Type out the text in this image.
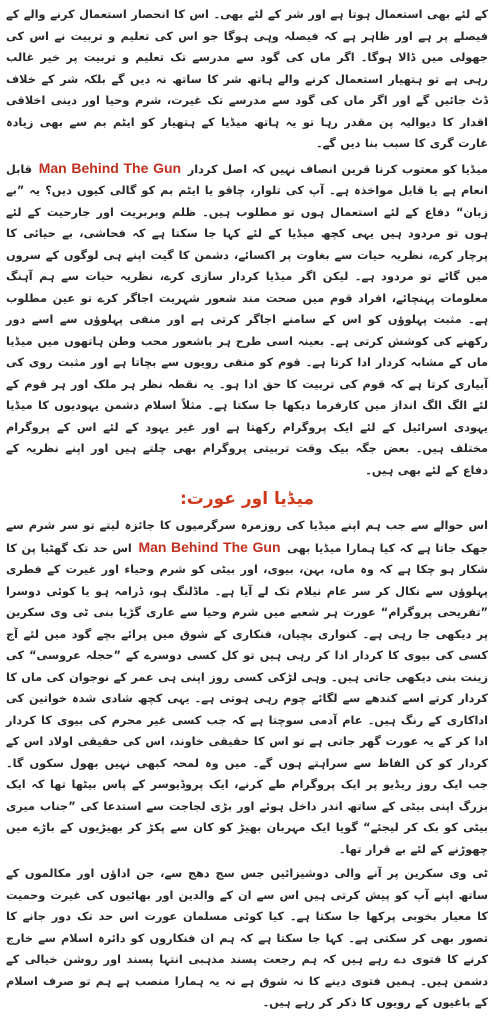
کے لئے بھی استعمال ہوتا ہے اور شر کے لئے بھی۔ اس کا انحصار استعمال کرنے والے کے فیصلے پر ہے اور ظاہر ہے کہ فیصلہ وہی ہوگا جو اس کی تعلیم و تربیت نے اس کی جھولی میں ڈالا ہوگا۔ اگر ماں کی گود سے مدرسے تک تعلیم و تربیت پر خیر غالب رہی ہے تو ہتھیار استعمال کرنے والے ہاتھ شر کا ساتھ نہ دیں گے بلکہ شر کے خلاف ڈٹ جائیں گے اور اگر ماں کی گود سے مدرسے تک غیرت، شرم وحیا اور دینی اخلاقی اقدار کا دیوالیہ پن مقدر رہا تو یہ ہاتھ میڈیا کے ہتھیار کو ایٹم بم سے بھی زیادہ غارت گری کا سبب بنا دیں گے۔

میڈیا کو معتوب کرنا قرین انصاف نہیں کہ اصل کردار Man Behind The Gun قابل انعام ہے یا قابل مواخذہ ہے۔ آپ کی تلوار، چاقو یا ایٹم بم کو گالی کیوں دیں؟ یہ ”بے زبان“ دفاع کے لئے استعمال ہوں تو مطلوب ہیں۔ ظلم وبربریت اور جارحیت کے لئے ہوں تو مردود ہیں یہی کچھ میڈیا کے لئے کہا جا سکتا ہے کہ فحاشی، بے حیائی کا پرچار کرے، نظریہ حیات سے بغاوت پر اکسائے، دشمن کا گیت اپنے ہی لوگوں کے سروں میں گائے تو مردود ہے۔ لیکن اگر میڈیا کردار سازی کرے، نظریہ حیات سے ہم آہنگ معلومات پہنچائے، افراد قوم میں صحت مند شعور شہریت اجاگر کرے تو عین مطلوب ہے۔ مثبت پہلوؤں کو اس کے سامنے اجاگر کرتی ہے اور منفی پہلوؤں سے اسے دور رکھنے کی کوشش کرتی ہے۔ بعینہ اسی طرح ہر باشعور محب وطن ہاتھوں میں میڈیا ماں کے مشابہ کردار ادا کرتا ہے۔ قوم کو منفی رویوں سے بچاتا ہے اور مثبت روی کی آبیاری کرتا ہے کہ قوم کی تربیت کا حق ادا ہو۔ یہ نقطہ نظر ہر ملک اور ہر قوم کے لئے الگ الگ انداز میں کارفرما دیکھا جا سکتا ہے۔ مثلاً اسلام دشمن یہودیوں کا میڈیا یہودی اسرائیل کے لئے ایک پروگرام رکھتا ہے اور غیر یہود کے لئے اس کے پروگرام مختلف ہیں۔ بعض جگہ بیک وقت تربیتی پروگرام بھی چلتے ہیں اور اپنے نظریہ کے دفاع کے لئے بھی ہیں۔

میڈیا اور عورت:

اس حوالے سے جب ہم اپنے میڈیا کی روزمرہ سرگرمیوں کا جائزہ لیتے تو سر شرم سے جھک جاتا ہے کہ کیا ہمارا میڈیا بھی Man Behind The Gun اس حد تک گھٹیا پن کا شکار ہو چکا ہے کہ وہ ماں، بہن، بیوی، اور بیٹی کو شرم وحیاء اور غیرت کے فطری پہلوؤں سے نکال کر سر عام نیلام تک لے آیا ہے۔ ماڈلنگ ہو، ڈرامہ ہو یا کوئی دوسرا ”تفریحی پروگرام“ عورت ہر شعبے میں شرم وحیا سے عاری گڑیا بنی ٹی وی سکرین پر دیکھی جا رہی ہے۔ کنواری بچیاں، فنکاری کے شوق میں پرائے بچے گود میں لئے آج کسی کی بیوی کا کردار ادا کر رہی ہیں تو کل کسی دوسرے کے ”حجلہ عروسی“ کی زینت بنی دیکھی جاتی ہیں۔ وہی لڑکی کسی روز اپنی ہی عمر کے نوجوان کی ماں کا کردار کرتے اسے کندھے سے لگائے چوم رہی ہوتی ہے۔ یہی کچھ شادی شدہ خواتین کی اداکاری کے رنگ ہیں۔ عام آدمی سوچتا ہے کہ جب کسی غیر محرم کی بیوی کا کردار ادا کر کے یہ عورت گھر جاتی ہے تو اس کا حقیقی خاوند، اس کی حقیقی اولاد اس کے کردار کو کن الفاظ سے سراہتے ہوں گے۔ میں وہ لمحہ کبھی نہیں بھول سکوں گا۔ جب ایک روز ریڈیو پر ایک پروگرام طے کرنے، ایک پروڈیوسر کے پاس بیٹھا تھا کہ ایک بزرگ اپنی بیٹی کے ساتھ اندر داخل ہوئے اور بڑی لجاجت سے استدعا کی ”جناب میری بیٹی کو بک کر لیجئے“ گویا ایک مہربان بھیڑ کو کان سے پکڑ کر بھیڑیوں کے باڑے میں چھوڑنے کے لئے بے قرار تھا۔

ٹی وی سکرین پر آنے والی دوشیزائیں جس سج دھج سے، جن اداؤں اور مکالموں کے ساتھ اپنے آپ کو پیش کرتی ہیں اس سے ان کے والدین اور بھائیوں کی غیرت وحمیت کا معیار بخوبی پرکھا جا سکتا ہے۔ کیا کوئی مسلمان عورت اس حد تک دور جانے کا تصور بھی کر سکتی ہے۔ کہا جا سکتا ہے کہ ہم ان فنکاروں کو دائرہ اسلام سے خارج کرنے کا فتوی دے رہے ہیں کہ ہم رجعت پسند مذہبی انتہا پسند اور روشن خیالی کے دشمن ہیں۔ ہمیں فتوی دینے کا نہ شوق ہے نہ یہ ہمارا منصب ہے ہم تو صرف اسلام کے باغیوں کے رویوں کا ذکر کر رہے ہیں۔
